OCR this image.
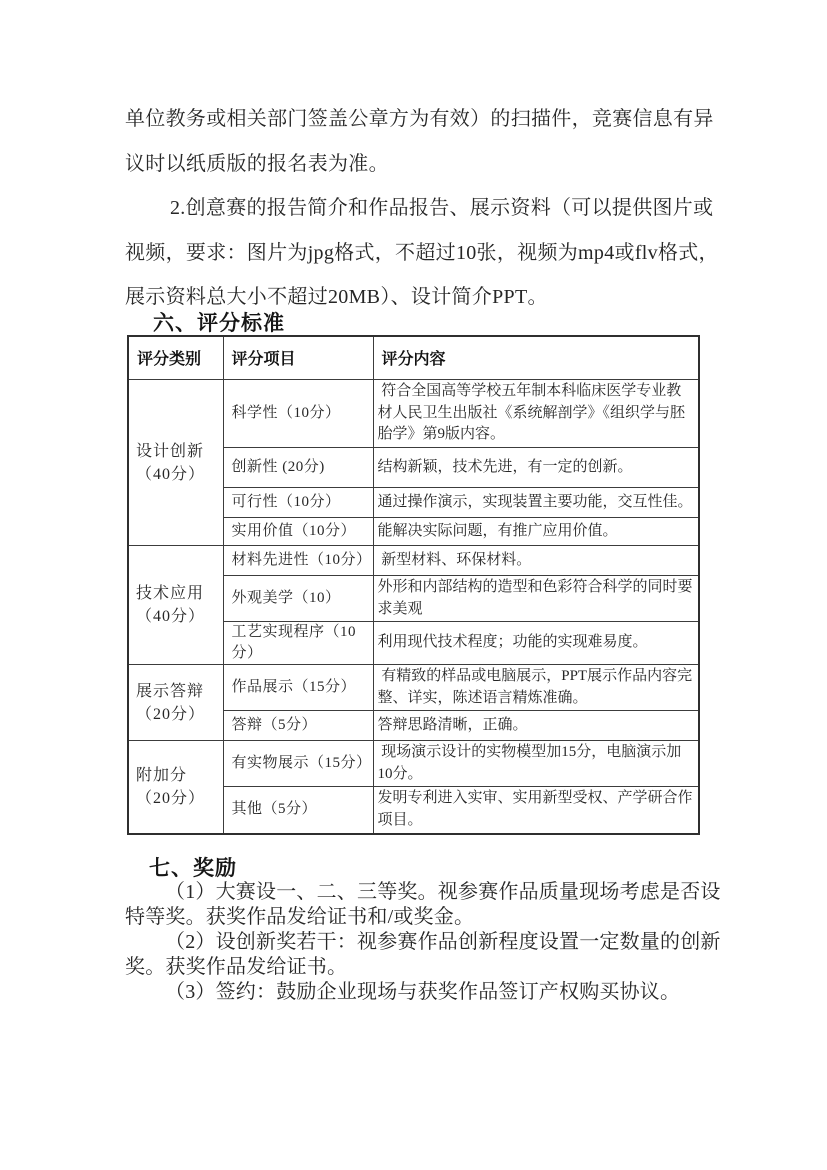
单位教务或相关部门签盖公章方为有效）的扫描件，竞赛信息有异
议时以纸质版的报名表为准。
2.创意赛的报告简介和作品报告、展示资料（可以提供图片或
视频，要求：图片为jpg格式，不超过10张，视频为mp4或flv格式，
展示资料总大小不超过20MB）、设计简介PPT。
六、评分标准
评分类别	评分项目	评分内容
设计创新（40分）	科学性（10分）	符合全国高等学校五年制本科临床医学专业教材人民卫生出版社《系统解剖学》《组织学与胚胎学》第9版内容。
	创新性 (20分)	结构新颖，技术先进，有一定的创新。
	可行性（10分）	通过操作演示，实现装置主要功能，交互性佳。
	实用价值（10分）	能解决实际问题，有推广应用价值。
技术应用（40分）	材料先进性（10分）	新型材料、环保材料。
	外观美学（10）	外形和内部结构的造型和色彩符合科学的同时要求美观
	工艺实现程序（10分）	利用现代技术程度；功能的实现难易度。
展示答辩（20分）	作品展示（15分）	有精致的样品或电脑展示，PPT展示作品内容完整、详实，陈述语言精炼准确。
	答辩（5分）	答辩思路清晰，正确。
附加分（20分）	有实物展示（15分）	现场演示设计的实物模型加15分，电脑演示加10分。
	其他（5分）	发明专利进入实审、实用新型受权、产学研合作项目。
七、奖励
（1）大赛设一、二、三等奖。视参赛作品质量现场考虑是否设
特等奖。获奖作品发给证书和/或奖金。
（2）设创新奖若干：视参赛作品创新程度设置一定数量的创新
奖。获奖作品发给证书。
（3）签约：鼓励企业现场与获奖作品签订产权购买协议。
